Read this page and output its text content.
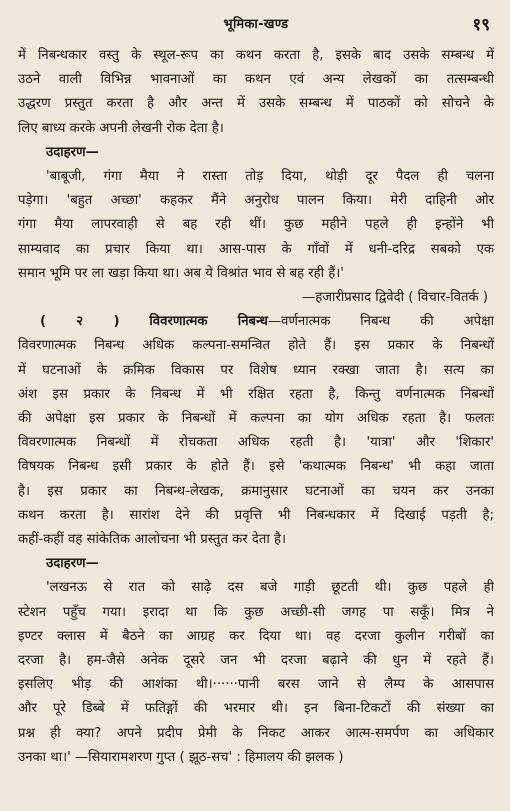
भूमिका-खण्ड	१९
में निबन्धकार वस्तु के स्थूल-रूप का कथन करता है, इसके बाद उसके सम्बन्ध में
उठने वाली विभिन्न भावनाओं का कथन एवं अन्य लेखकों का तत्सम्बन्धी
उद्धरण प्रस्तुत करता है और अन्त में उसके सम्बन्ध में पाठकों को सोचने के
लिए बाध्य करके अपनी लेखनी रोक देता है।
उदाहरण—
'बाबूजी, गंगा मैया ने रास्ता तोड़ दिया, थोड़ी दूर पैदल ही चलना
पड़ेगा। 'बहुत अच्छा' कहकर मैंने अनुरोध पालन किया। मेरी दाहिनी ओर
गंगा मैया लापरवाही से बह रही थीं। कुछ महीने पहले ही इन्होंने भी
साम्यवाद का प्रचार किया था। आस-पास के गाँवों में धनी-दरिद्र सबको एक
समान भूमि पर ला खड़ा किया था। अब ये विश्रांत भाव से बह रही हैं।'
—हजारीप्रसाद द्विवेदी ( विचार-वितर्क )
( २ ) विवरणात्मक निबन्ध—वर्णनात्मक निबन्ध की अपेक्षा
विवरणात्मक निबन्ध अधिक कल्पना-समन्वित होते हैं। इस प्रकार के निबन्धों
में घटनाओं के क्रमिक विकास पर विशेष ध्यान रक्खा जाता है। सत्य का
अंश इस प्रकार के निबन्ध में भी रक्षित रहता है, किन्तु वर्णनात्मक निबन्धों
की अपेक्षा इस प्रकार के निबन्धों में कल्पना का योग अधिक रहता है। फलतः
विवरणात्मक निबन्धों में रोचकता अधिक रहती है। 'यात्रा' और 'शिकार'
विषयक निबन्ध इसी प्रकार के होते हैं। इसे 'कथात्मक निबन्ध' भी कहा जाता
है। इस प्रकार का निबन्ध-लेखक, क्रमानुसार घटनाओं का चयन कर उनका
कथन करता है। सारांश देने की प्रवृत्ति भी निबन्धकार में दिखाई पड़ती है;
कहीं-कहीं वह सांकेतिक आलोचना भी प्रस्तुत कर देता है।
उदाहरण—
'लखनऊ से रात को साढ़े दस बजे गाड़ी छूटती थी। कुछ पहले ही
स्टेशन पहुँच गया। इरादा था कि कुछ अच्छी-सी जगह पा सकूँ। मित्र ने
इण्टर क्लास में बैठने का आग्रह कर दिया था। वह दरजा कुलीन गरीबों का
दरजा है। हम-जैसे अनेक दूसरे जन भी दरजा बढ़ाने की धुन में रहते हैं।
इसलिए भीड़ की आशंका थी।······पानी बरस जाने से लैम्प के आसपास
और पूरे डिब्बे में फतिङ्गों की भरमार थी। इन बिना-टिकटों की संख्या का
प्रश्न ही क्या? अपने प्रदीप प्रेमी के निकट आकर आत्म-समर्पण का अधिकार
उनका था।' —सियारामशरण गुप्त ( झूठ-सच' : हिमालय की झलक )
